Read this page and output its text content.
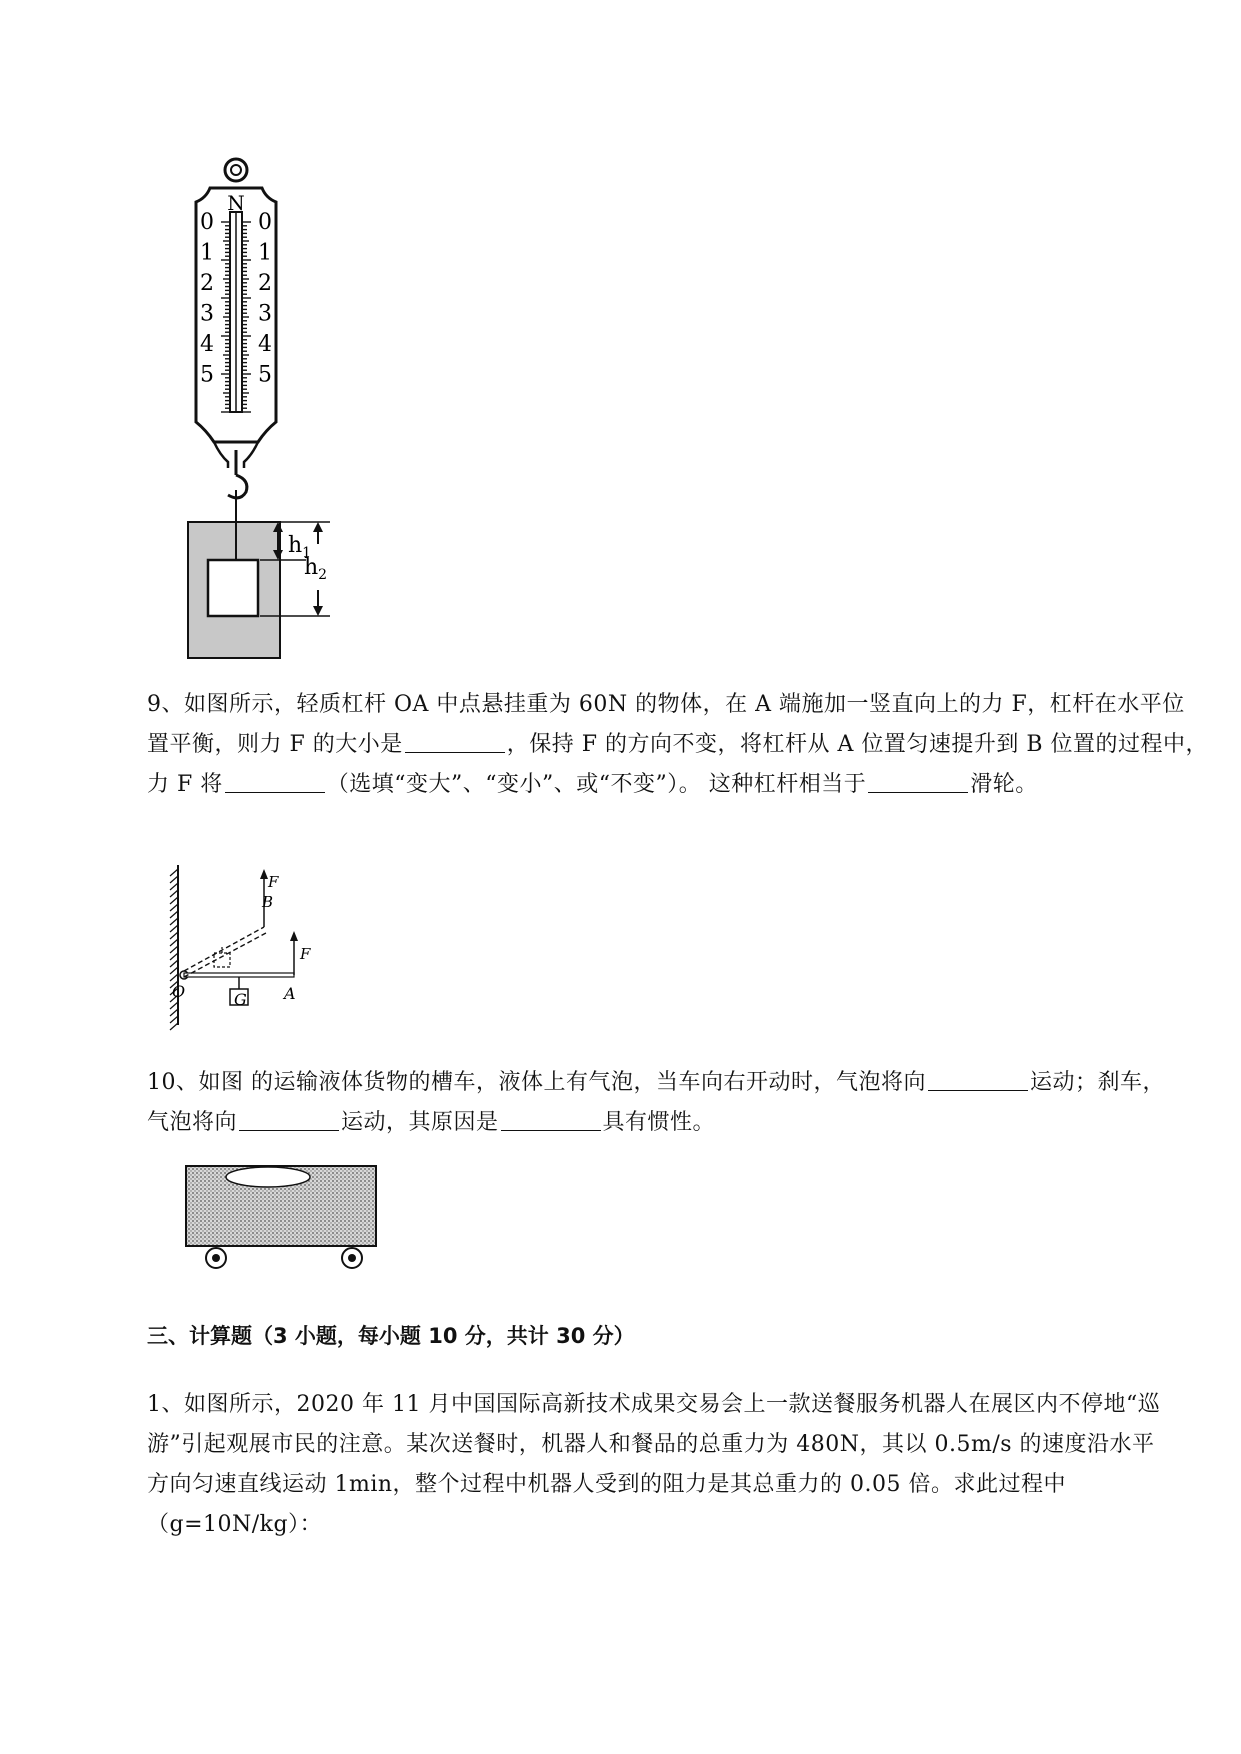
N
0
1
2
3
4
5
0
1
2
3
4
5
$h_1$
$h_2$
9、如图所示，轻质杠杆 OA 中点悬挂重为 60N 的物体，在 A 端施加一竖直向上的力 F，杠杆在水平位
置平衡，则力 F 的大小是	，保持 F 的方向不变，将杠杆从 A 位置匀速提升到 B 位置的过程中，
力 F 将	（选填“变大”、“变小”、或“不变”）。 这种杠杆相当于	滑轮。
G
F
F
B
O	A
10、如图 的运输液体货物的槽车，液体上有气泡，当车向右开动时，气泡将向	运动；刹车，
气泡将向	运动，其原因是	具有惯性。
三、计算题（3 小题，每小题 10 分，共计 30 分）
1、如图所示，2020 年 11 月中国国际高新技术成果交易会上一款送餐服务机器人在展区内不停地“巡
游”引起观展市民的注意。某次送餐时，机器人和餐品的总重力为 480N，其以 0.5m/s 的速度沿水平
方向匀速直线运动 1min，整个过程中机器人受到的阻力是其总重力的 0.05 倍。求此过程中
（g=10N/kg）：
